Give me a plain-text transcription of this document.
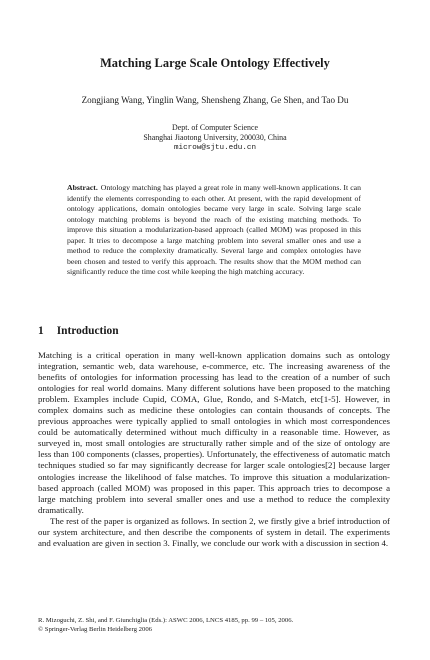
Matching Large Scale Ontology Effectively
Zongjiang Wang, Yinglin Wang, Shensheng Zhang, Ge Shen, and Tao Du
Dept. of Computer Science
Shanghai Jiaotong University, 200030, China
microw@sjtu.edu.cn

Abstract. Ontology matching has played a great role in many well-known applications. It can identify the elements corresponding to each other. At present, with the rapid development of ontology applications, domain ontologies became very large in scale. Solving large scale ontology matching problems is beyond the reach of the existing matching methods. To improve this situation a modularization-based approach (called MOM) was proposed in this paper. It tries to decompose a large matching problem into several smaller ones and use a method to reduce the complexity dramatically. Several large and complex ontologies have been chosen and tested to verify this approach. The results show that the MOM method can significantly reduce the time cost while keeping the high matching accuracy.

1 Introduction

Matching is a critical operation in many well-known application domains such as ontology integration, semantic web, data warehouse, e-commerce, etc. The increasing awareness of the benefits of ontologies for information processing has lead to the creation of a number of such ontologies for real world domains. Many different solutions have been proposed to the matching problem. Examples include Cupid, COMA, Glue, Rondo, and S-Match, etc[1-5]. However, in complex domains such as medicine these ontologies can contain thousands of concepts. The previous approaches were typically applied to small ontologies in which most correspondences could be automatically determined without much difficulty in a reasonable time. However, as surveyed in, most small ontologies are structurally rather simple and of the size of ontology are less than 100 components (classes, properties). Unfortunately, the effectiveness of automatic match techniques studied so far may significantly decrease for larger scale ontologies[2] because larger ontologies increase the likelihood of false matches. To improve this situation a modularization-based approach (called MOM) was proposed in this paper. This approach tries to decompose a large matching problem into several smaller ones and use a method to reduce the complexity dramatically.

The rest of the paper is organized as follows. In section 2, we firstly give a brief introduction of our system architecture, and then describe the components of system in detail. The experiments and evaluation are given in section 3. Finally, we conclude our work with a discussion in section 4.

R. Mizoguchi, Z. Shi, and F. Giunchiglia (Eds.): ASWC 2006, LNCS 4185, pp. 99 – 105, 2006.
© Springer-Verlag Berlin Heidelberg 2006
